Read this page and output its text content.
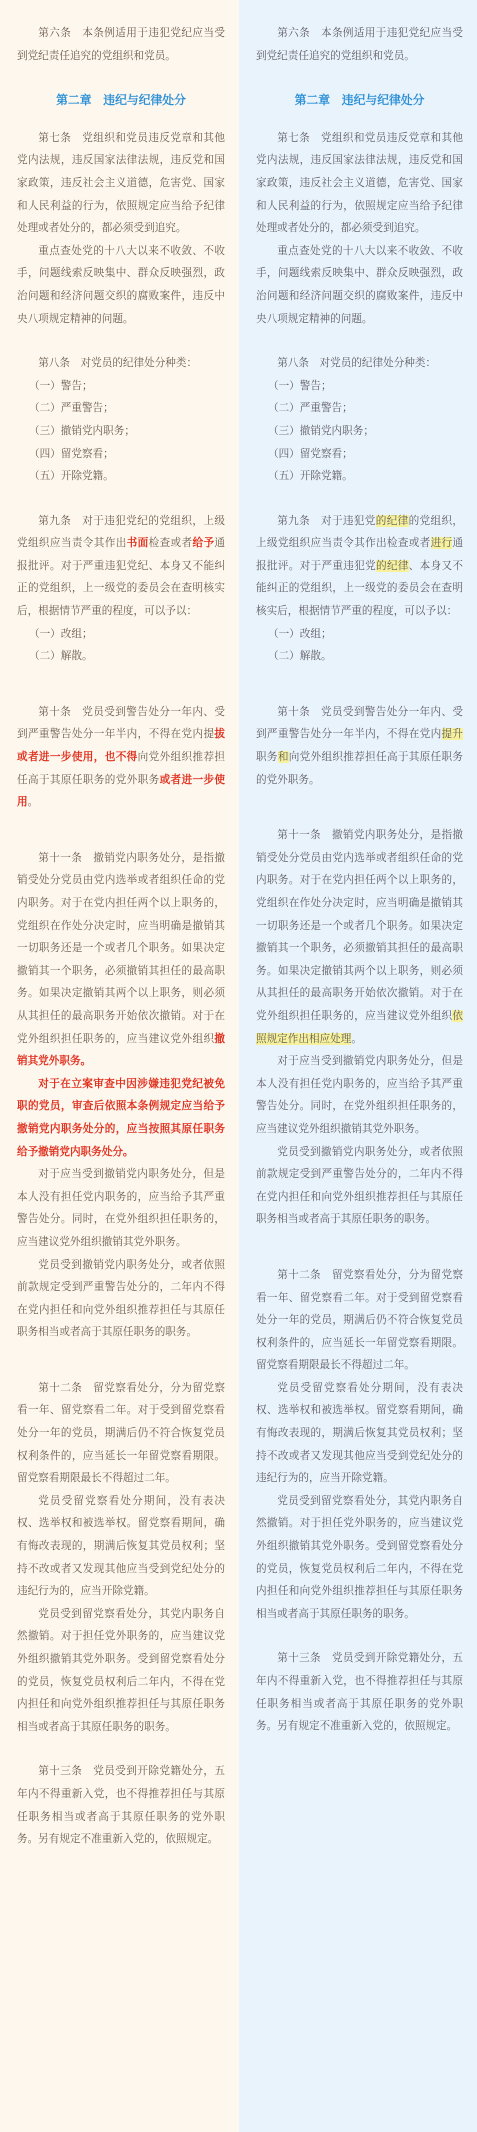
第六条　本条例适用于违犯党纪应当受到党纪责任追究的党组织和党员。

第二章　违纪与纪律处分

第七条　党组织和党员违反党章和其他党内法规，违反国家法律法规，违反党和国家政策，违反社会主义道德，危害党、国家和人民利益的行为，依照规定应当给予纪律处理或者处分的，都必须受到追究。

重点查处党的十八大以来不收敛、不收手，问题线索反映集中、群众反映强烈，政治问题和经济问题交织的腐败案件，违反中央八项规定精神的问题。

第八条　对党员的纪律处分种类：

（一）警告；

（二）严重警告；

（三）撤销党内职务；

（四）留党察看；

（五）开除党籍。

第九条　对于违犯党纪的党组织，上级党组织应当责令其作出书面检查或者给予通报批评。对于严重违犯党纪、本身又不能纠正的党组织，上一级党的委员会在查明核实后，根据情节严重的程度，可以予以：

（一）改组；

（二）解散。

第十条　党员受到警告处分一年内、受到严重警告处分一年半内，不得在党内提拔或者进一步使用，也不得向党外组织推荐担任高于其原任职务的党外职务或者进一步使用。

第十一条　撤销党内职务处分，是指撤销受处分党员由党内选举或者组织任命的党内职务。对于在党内担任两个以上职务的，党组织在作处分决定时，应当明确是撤销其一切职务还是一个或者几个职务。如果决定撤销其一个职务，必须撤销其担任的最高职务。如果决定撤销其两个以上职务，则必须从其担任的最高职务开始依次撤销。对于在党外组织担任职务的，应当建议党外组织撤销其党外职务。

对于在立案审查中因涉嫌违犯党纪被免职的党员，审查后依照本条例规定应当给予撤销党内职务处分的，应当按照其原任职务给予撤销党内职务处分。

对于应当受到撤销党内职务处分，但是本人没有担任党内职务的，应当给予其严重警告处分。同时，在党外组织担任职务的，应当建议党外组织撤销其党外职务。

党员受到撤销党内职务处分，或者依照前款规定受到严重警告处分的，二年内不得在党内担任和向党外组织推荐担任与其原任职务相当或者高于其原任职务的职务。

第十二条　留党察看处分，分为留党察看一年、留党察看二年。对于受到留党察看处分一年的党员，期满后仍不符合恢复党员权利条件的，应当延长一年留党察看期限。留党察看期限最长不得超过二年。

党员受留党察看处分期间，没有表决权、选举权和被选举权。留党察看期间，确有悔改表现的，期满后恢复其党员权利；坚持不改或者又发现其他应当受到党纪处分的违纪行为的，应当开除党籍。

党员受到留党察看处分，其党内职务自然撤销。对于担任党外职务的，应当建议党外组织撤销其党外职务。受到留党察看处分的党员，恢复党员权利后二年内，不得在党内担任和向党外组织推荐担任与其原任职务相当或者高于其原任职务的职务。

第十三条　党员受到开除党籍处分，五年内不得重新入党，也不得推荐担任与其原任职务相当或者高于其原任职务的党外职务。另有规定不准重新入党的，依照规定。

第六条　本条例适用于违犯党纪应当受到党纪责任追究的党组织和党员。

第二章　违纪与纪律处分

第七条　党组织和党员违反党章和其他党内法规，违反国家法律法规，违反党和国家政策，违反社会主义道德，危害党、国家和人民利益的行为，依照规定应当给予纪律处理或者处分的，都必须受到追究。

重点查处党的十八大以来不收敛、不收手，问题线索反映集中、群众反映强烈，政治问题和经济问题交织的腐败案件，违反中央八项规定精神的问题。

第八条　对党员的纪律处分种类：

（一）警告；

（二）严重警告；

（三）撤销党内职务；

（四）留党察看；

（五）开除党籍。

第九条　对于违犯党的纪律的党组织，上级党组织应当责令其作出检查或者进行通报批评。对于严重违犯党的纪律、本身又不能纠正的党组织，上一级党的委员会在查明核实后，根据情节严重的程度，可以予以：

（一）改组；

（二）解散。

第十条　党员受到警告处分一年内、受到严重警告处分一年半内，不得在党内提升职务和向党外组织推荐担任高于其原任职务的党外职务。

第十一条　撤销党内职务处分，是指撤销受处分党员由党内选举或者组织任命的党内职务。对于在党内担任两个以上职务的，党组织在作处分决定时，应当明确是撤销其一切职务还是一个或者几个职务。如果决定撤销其一个职务，必须撤销其担任的最高职务。如果决定撤销其两个以上职务，则必须从其担任的最高职务开始依次撤销。对于在党外组织担任职务的，应当建议党外组织依照规定作出相应处理。

对于应当受到撤销党内职务处分，但是本人没有担任党内职务的，应当给予其严重警告处分。同时，在党外组织担任职务的，应当建议党外组织撤销其党外职务。

党员受到撤销党内职务处分，或者依照前款规定受到严重警告处分的，二年内不得在党内担任和向党外组织推荐担任与其原任职务相当或者高于其原任职务的职务。

第十二条　留党察看处分，分为留党察看一年、留党察看二年。对于受到留党察看处分一年的党员，期满后仍不符合恢复党员权利条件的，应当延长一年留党察看期限。留党察看期限最长不得超过二年。

党员受留党察看处分期间，没有表决权、选举权和被选举权。留党察看期间，确有悔改表现的，期满后恢复其党员权利；坚持不改或者又发现其他应当受到党纪处分的违纪行为的，应当开除党籍。

党员受到留党察看处分，其党内职务自然撤销。对于担任党外职务的，应当建议党外组织撤销其党外职务。受到留党察看处分的党员，恢复党员权利后二年内，不得在党内担任和向党外组织推荐担任与其原任职务相当或者高于其原任职务的职务。

第十三条　党员受到开除党籍处分，五年内不得重新入党，也不得推荐担任与其原任职务相当或者高于其原任职务的党外职务。另有规定不准重新入党的，依照规定。
